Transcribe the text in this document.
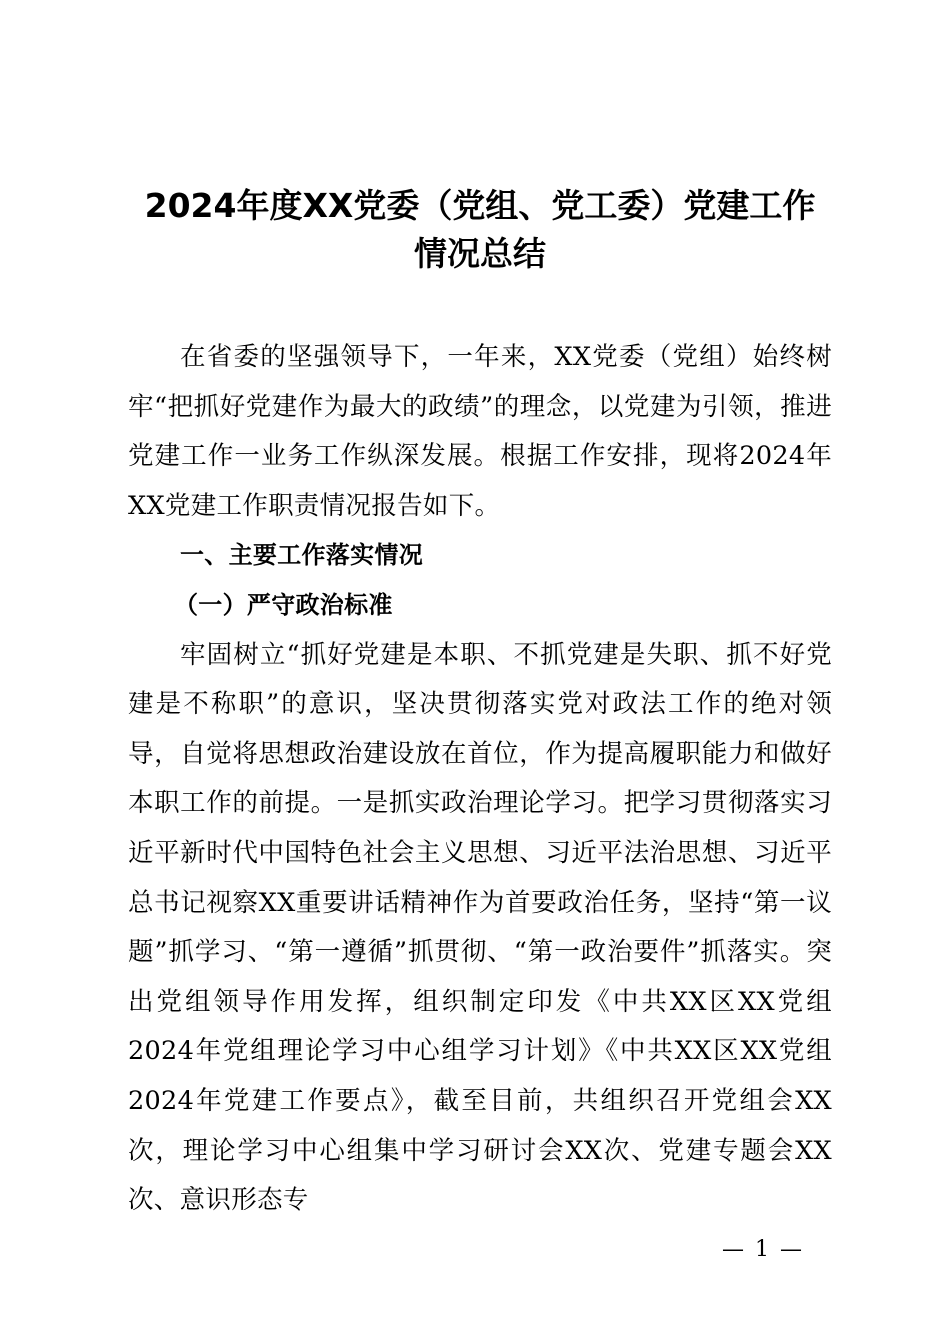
2024年度XX党委（党组、党工委）党建工作
情况总结

在省委的坚强领导下，一年来，XX党委（党组）始终树牢“把抓好党建作为最大的政绩”的理念，以党建为引领，推进党建工作一业务工作纵深发展。根据工作安排，现将2024年XX党建工作职责情况报告如下。

一、主要工作落实情况

（一）严守政治标准

牢固树立“抓好党建是本职、不抓党建是失职、抓不好党建是不称职”的意识，坚决贯彻落实党对政法工作的绝对领导，自觉将思想政治建设放在首位，作为提高履职能力和做好本职工作的前提。一是抓实政治理论学习。把学习贯彻落实习近平新时代中国特色社会主义思想、习近平法治思想、习近平总书记视察XX重要讲话精神作为首要政治任务，坚持“第一议题”抓学习、“第一遵循”抓贯彻、“第一政治要件”抓落实。突出党组领导作用发挥，组织制定印发《中共XX区XX党组2024年党组理论学习中心组学习计划》《中共XX区XX党组2024年党建工作要点》，截至目前，共组织召开党组会XX次，理论学习中心组集中学习研讨会XX次、党建专题会XX次、意识形态专

— 1 —
